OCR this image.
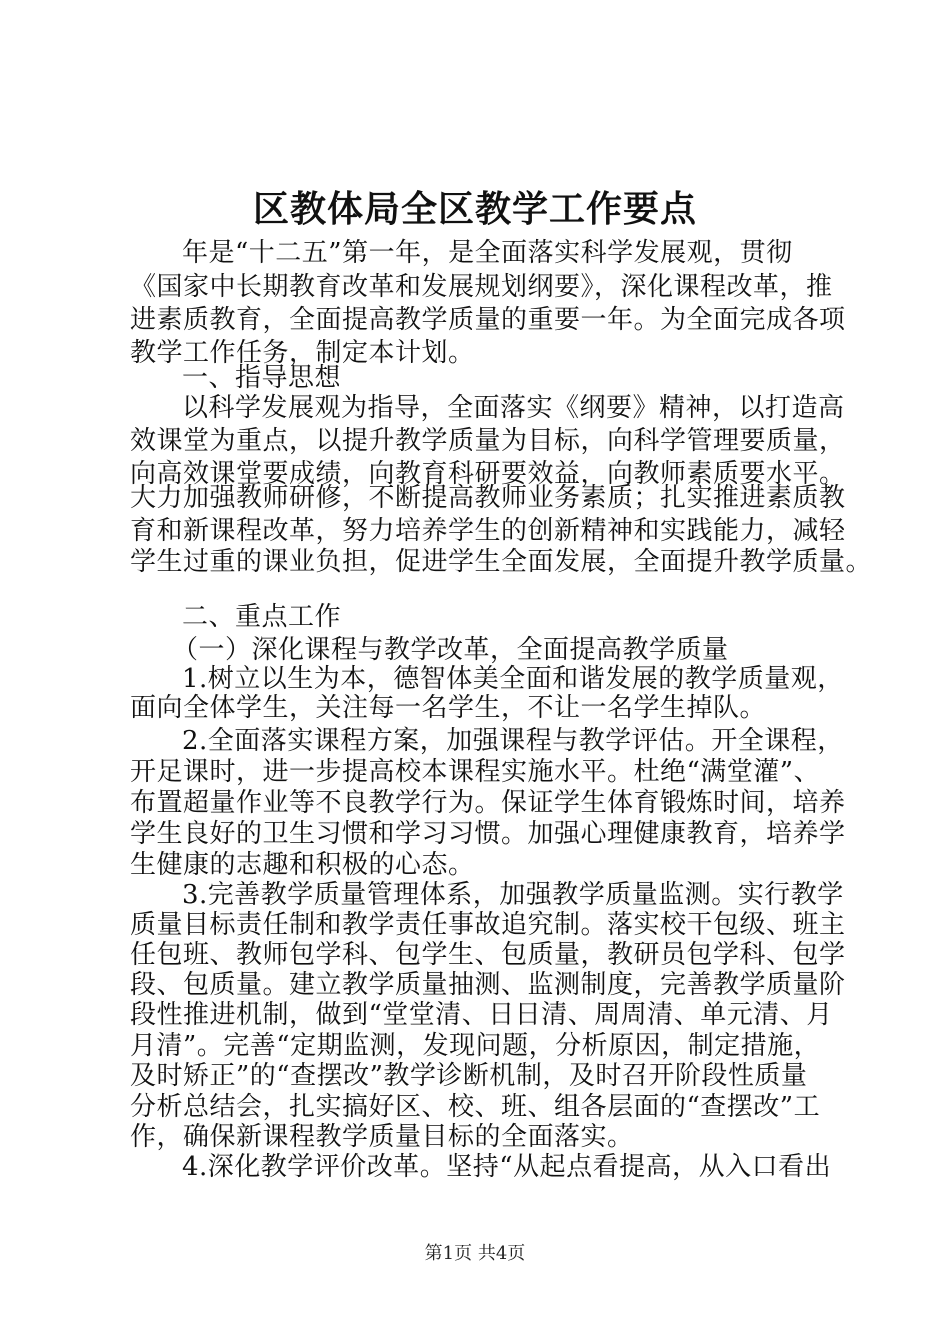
区教体局全区教学工作要点
年是“十二五”第一年，是全面落实科学发展观，贯彻
《国家中长期教育改革和发展规划纲要》，深化课程改革，推
进素质教育，全面提高教学质量的重要一年。为全面完成各项
教学工作任务，制定本计划。
一、指导思想
以科学发展观为指导，全面落实《纲要》精神，以打造高
效课堂为重点，以提升教学质量为目标，向科学管理要质量，
向高效课堂要成绩，向教育科研要效益，向教师素质要水平。
大力加强教师研修，不断提高教师业务素质；扎实推进素质教
育和新课程改革，努力培养学生的创新精神和实践能力，减轻
学生过重的课业负担，促进学生全面发展，全面提升教学质量。
二、重点工作
（一）深化课程与教学改革，全面提高教学质量
1.树立以生为本，德智体美全面和谐发展的教学质量观，
面向全体学生，关注每一名学生，不让一名学生掉队。
2.全面落实课程方案，加强课程与教学评估。开全课程，
开足课时，进一步提高校本课程实施水平。杜绝“满堂灌”、
布置超量作业等不良教学行为。保证学生体育锻炼时间，培养
学生良好的卫生习惯和学习习惯。加强心理健康教育，培养学
生健康的志趣和积极的心态。
3.完善教学质量管理体系，加强教学质量监测。实行教学
质量目标责任制和教学责任事故追究制。落实校干包级、班主
任包班、教师包学科、包学生、包质量，教研员包学科、包学
段、包质量。建立教学质量抽测、监测制度，完善教学质量阶
段性推进机制，做到“堂堂清、日日清、周周清、单元清、月
月清”。完善“定期监测，发现问题，分析原因，制定措施，
及时矫正”的“查摆改”教学诊断机制，及时召开阶段性质量
分析总结会，扎实搞好区、校、班、组各层面的“查摆改”工
作，确保新课程教学质量目标的全面落实。
4.深化教学评价改革。坚持“从起点看提高，从入口看出
第1页 共4页
